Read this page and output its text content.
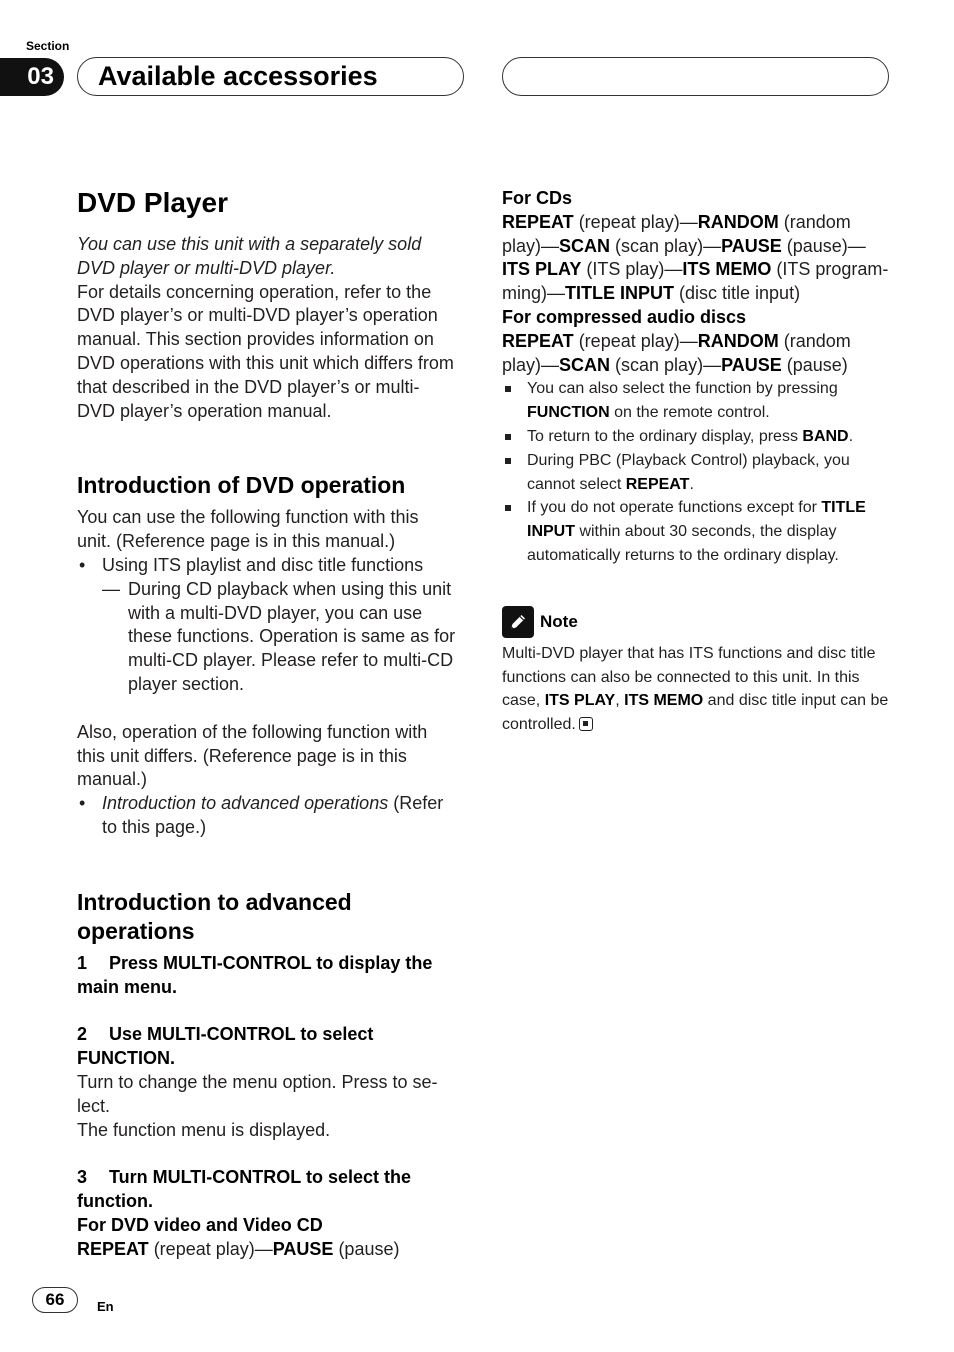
Section
03	Available accessories
DVD Player

You can use this unit with a separately sold DVD player or multi-DVD player.

For details concerning operation, refer to the DVD player’s or multi-DVD player’s operation manual. This section provides information on DVD operations with this unit which differs from that described in the DVD player’s or multi-DVD player’s operation manual.

Introduction of DVD operation

You can use the following function with this unit. (Reference page is in this manual.)

• Using ITS playlist and disc title functions

— During CD playback when using this unit with a multi-DVD player, you can use these functions. Operation is same as for multi-CD player. Please refer to multi-CD player section.

Also, operation of the following function with this unit differs. (Reference page is in this manual.)

• Introduction to advanced operations (Refer to this page.)

Introduction to advanced operations

1 Press MULTI-CONTROL to display the main menu.

2 Use MULTI-CONTROL to select FUNCTION.

Turn to change the menu option. Press to se-lect.

The function menu is displayed.

3 Turn MULTI-CONTROL to select the function.

For DVD video and Video CD

REPEAT (repeat play)—PAUSE (pause)

For CDs

REPEAT (repeat play)—RANDOM (random play)—SCAN (scan play)—PAUSE (pause)—ITS PLAY (ITS play)—ITS MEMO (ITS program-ming)—TITLE INPUT (disc title input)

For compressed audio discs

REPEAT (repeat play)—RANDOM (random play)—SCAN (scan play)—PAUSE (pause)

You can also select the function by pressing FUNCTION on the remote control.

To return to the ordinary display, press BAND.

During PBC (Playback Control) playback, you cannot select REPEAT.

If you do not operate functions except for TITLE INPUT within about 30 seconds, the display automatically returns to the ordinary display.

Note

Multi-DVD player that has ITS functions and disc title functions can also be connected to this unit. In this case, ITS PLAY, ITS MEMO and disc title input can be controlled.

66	En
